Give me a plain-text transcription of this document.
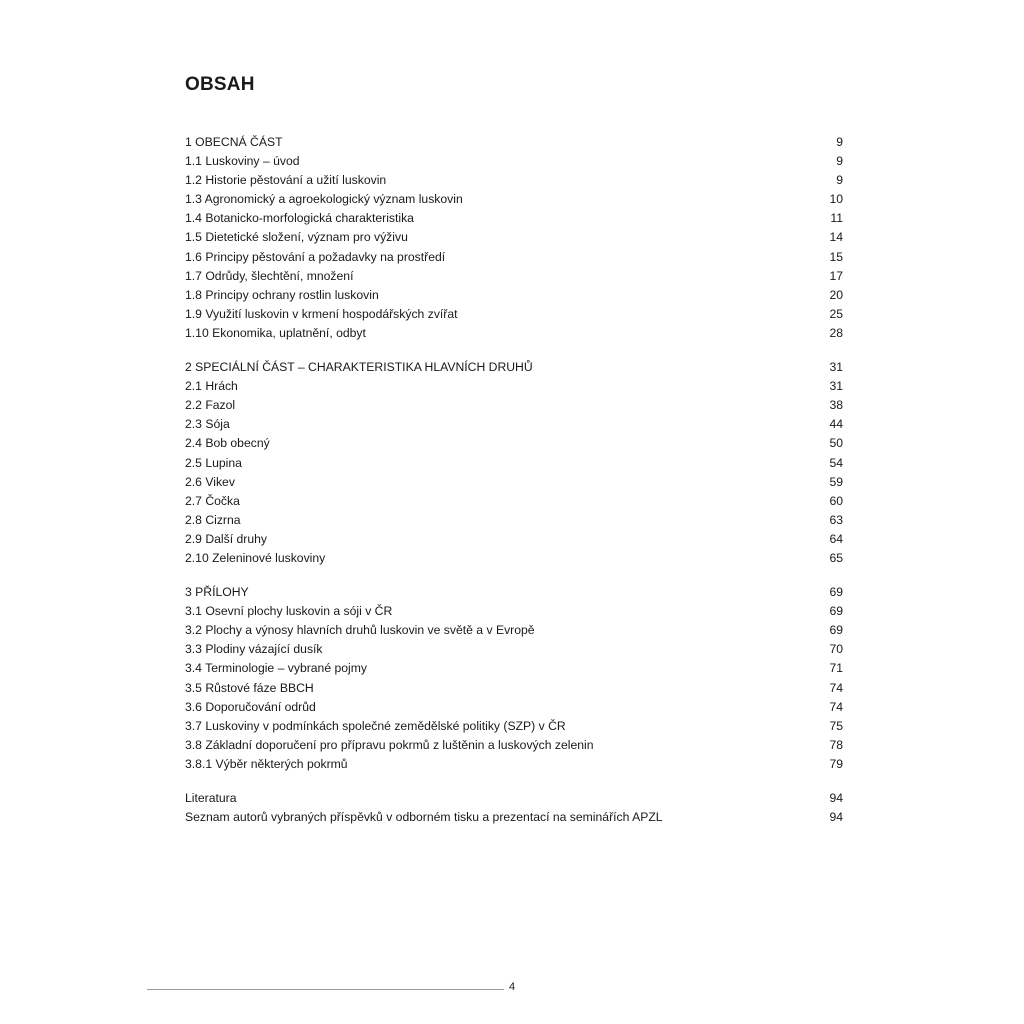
OBSAH
1 OBECNÁ ČÁST	9
1.1 Luskoviny – úvod	9
1.2 Historie pěstování a užití luskovin	9
1.3 Agronomický a agroekologický význam luskovin	10
1.4 Botanicko-morfologická charakteristika	11
1.5 Dietetické složení, význam pro výživu	14
1.6 Principy pěstování a požadavky na prostředí	15
1.7 Odrůdy, šlechtění, množení	17
1.8 Principy ochrany rostlin luskovin	20
1.9 Využití luskovin v krmení hospodářských zvířat	25
1.10 Ekonomika, uplatnění, odbyt	28
2 SPECIÁLNÍ ČÁST – CHARAKTERISTIKA HLAVNÍCH DRUHŮ	31
2.1 Hrách	31
2.2 Fazol	38
2.3 Sója	44
2.4 Bob obecný	50
2.5 Lupina	54
2.6 Vikev	59
2.7 Čočka	60
2.8 Cizrna	63
2.9 Další druhy	64
2.10 Zeleninové luskoviny	65
3 PŘÍLOHY	69
3.1 Osevní plochy luskovin a sóji v ČR	69
3.2 Plochy a výnosy hlavních druhů luskovin ve světě a v Evropě	69
3.3 Plodiny vázající dusík	70
3.4 Terminologie – vybrané pojmy	71
3.5 Růstové fáze BBCH	74
3.6 Doporučování odrůd	74
3.7 Luskoviny v podmínkách společné zemědělské politiky (SZP) v ČR	75
3.8 Základní doporučení pro přípravu pokrmů z luštěnin a luskových zelenin	78
3.8.1 Výběr některých pokrmů	79
Literatura	94
Seznam autorů vybraných příspěvků v odborném tisku a prezentací na seminářích APZL	94
4
